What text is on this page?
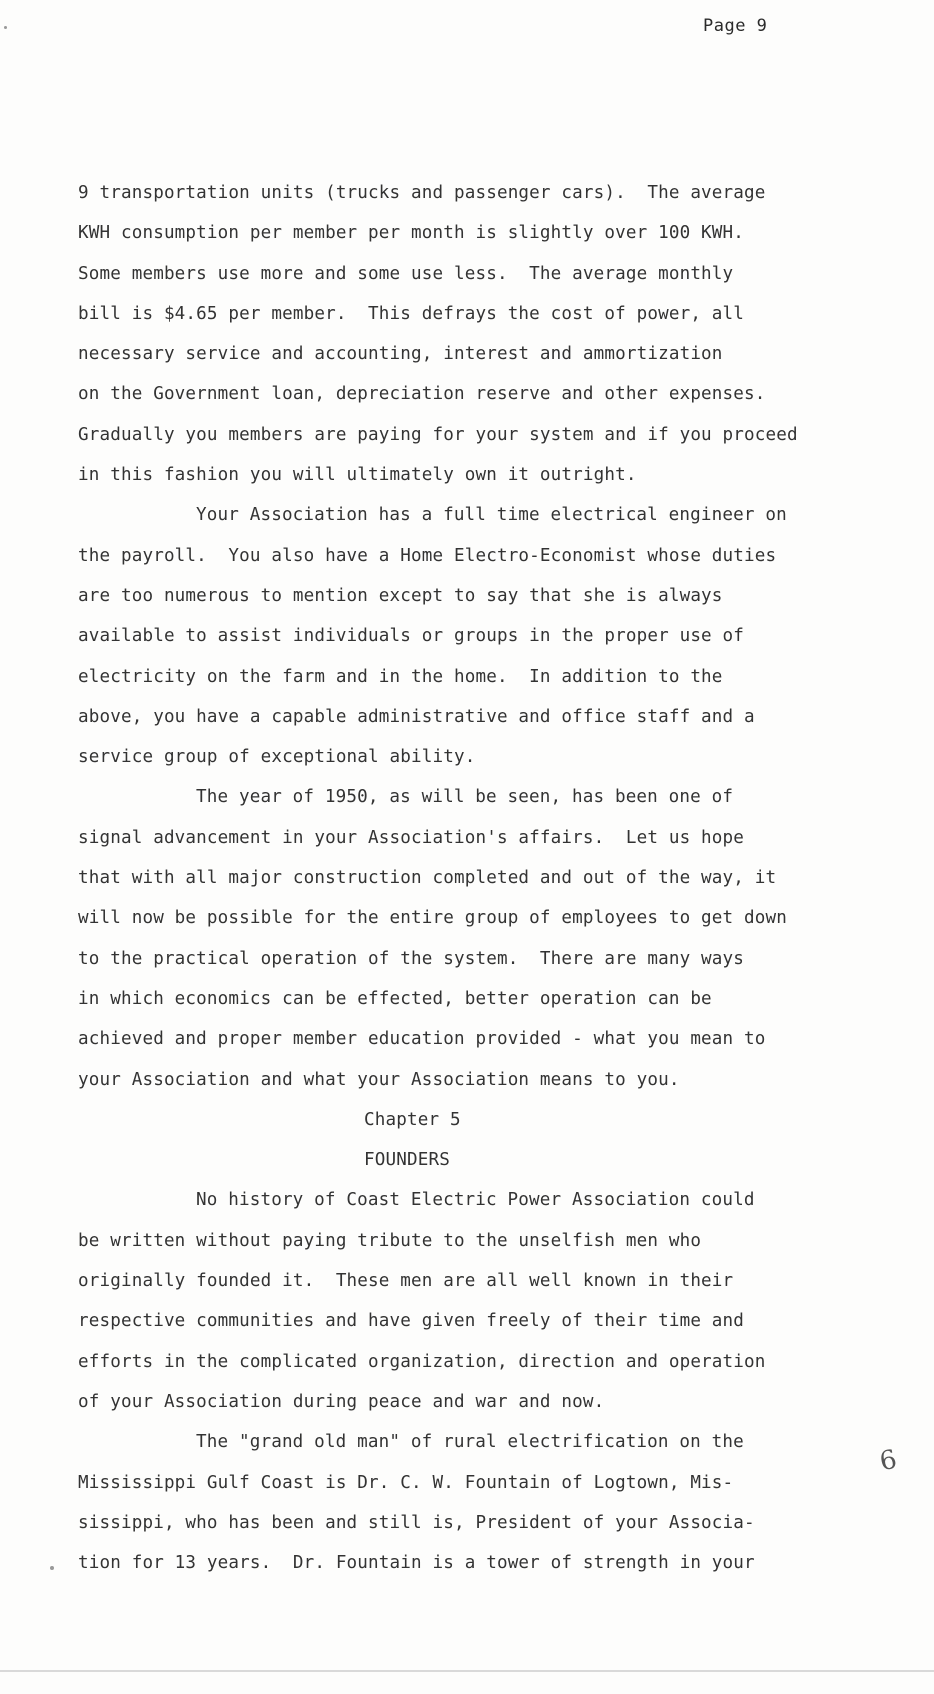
Page 9
9 transportation units (trucks and passenger cars).  The average
KWH consumption per member per month is slightly over 100 KWH.
Some members use more and some use less.  The average monthly
bill is $4.65 per member.  This defrays the cost of power, all
necessary service and accounting, interest and ammortization
on the Government loan, depreciation reserve and other expenses.
Gradually you members are paying for your system and if you proceed
in this fashion you will ultimately own it outright.
Your Association has a full time electrical engineer on
the payroll.  You also have a Home Electro-Economist whose duties
are too numerous to mention except to say that she is always
available to assist individuals or groups in the proper use of
electricity on the farm and in the home.  In addition to the
above, you have a capable administrative and office staff and a
service group of exceptional ability.
The year of 1950, as will be seen, has been one of
signal advancement in your Association's affairs.  Let us hope
that with all major construction completed and out of the way, it
will now be possible for the entire group of employees to get down
to the practical operation of the system.  There are many ways
in which economics can be effected, better operation can be
achieved and proper member education provided - what you mean to
your Association and what your Association means to you.
Chapter 5
FOUNDERS
No history of Coast Electric Power Association could
be written without paying tribute to the unselfish men who
originally founded it.  These men are all well known in their
respective communities and have given freely of their time and
efforts in the complicated organization, direction and operation
of your Association during peace and war and now.
The "grand old man" of rural electrification on the
Mississippi Gulf Coast is Dr. C. W. Fountain of Logtown, Mis-
sissippi, who has been and still is, President of your Associa-
tion for 13 years.  Dr. Fountain is a tower of strength in your
6
